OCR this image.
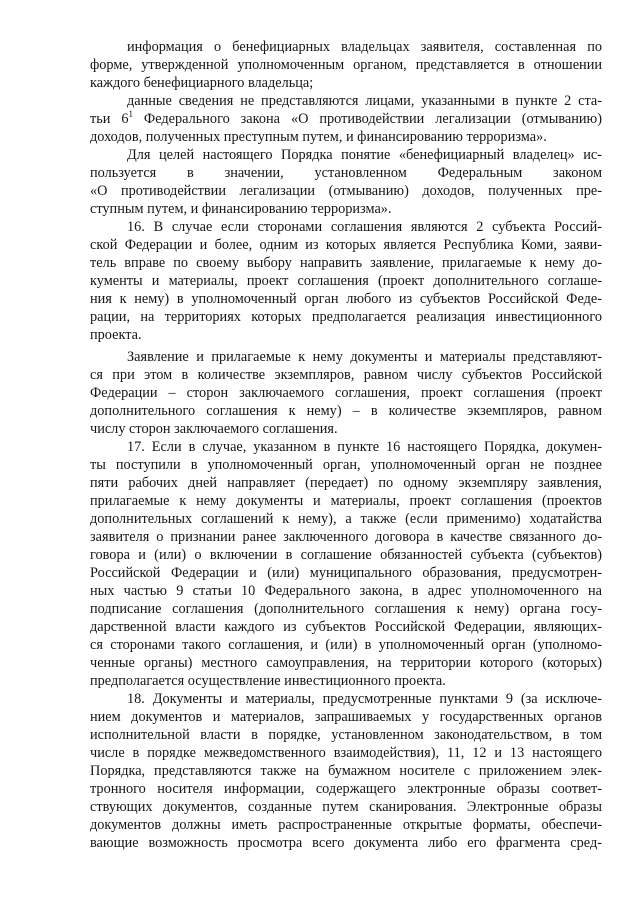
информация о бенефициарных владельцах заявителя, составленная по
форме, утвержденной уполномоченным органом, представляется в отношении
каждого бенефициарного владельца;
данные сведения не представляются лицами, указанными в пункте 2 ста-
тьи $6^1$ Федерального закона «О противодействии легализации (отмыванию)
доходов, полученных преступным путем, и финансированию терроризма».
Для целей настоящего Порядка понятие «бенефициарный владелец» ис-
пользуется в значении, установленном Федеральным законом
«О противодействии легализации (отмыванию) доходов, полученных пре-
ступным путем, и финансированию терроризма».
16. В случае если сторонами соглашения являются 2 субъекта Россий-
ской Федерации и более, одним из которых является Республика Коми, заяви-
тель вправе по своему выбору направить заявление, прилагаемые к нему до-
кументы и материалы, проект соглашения (проект дополнительного соглаше-
ния к нему) в уполномоченный орган любого из субъектов Российской Феде-
рации, на территориях которых предполагается реализация инвестиционного
проекта.
Заявление и прилагаемые к нему документы и материалы представляют-
ся при этом в количестве экземпляров, равном числу субъектов Российской
Федерации – сторон заключаемого соглашения, проект соглашения (проект
дополнительного соглашения к нему) – в количестве экземпляров, равном
числу сторон заключаемого соглашения.
17. Если в случае, указанном в пункте 16 настоящего Порядка, докумен-
ты поступили в уполномоченный орган, уполномоченный орган не позднее
пяти рабочих дней направляет (передает) по одному экземпляру заявления,
прилагаемые к нему документы и материалы, проект соглашения (проектов
дополнительных соглашений к нему), а также (если применимо) ходатайства
заявителя о признании ранее заключенного договора в качестве связанного до-
говора и (или) о включении в соглашение обязанностей субъекта (субъектов)
Российской Федерации и (или) муниципального образования, предусмотрен-
ных частью 9 статьи 10 Федерального закона, в адрес уполномоченного на
подписание соглашения (дополнительного соглашения к нему) органа госу-
дарственной власти каждого из субъектов Российской Федерации, являющих-
ся сторонами такого соглашения, и (или) в уполномоченный орган (уполномо-
ченные органы) местного самоуправления, на территории которого (которых)
предполагается осуществление инвестиционного проекта.
18. Документы и материалы, предусмотренные пунктами 9 (за исключе-
нием документов и материалов, запрашиваемых у государственных органов
исполнительной власти в порядке, установленном законодательством, в том
числе в порядке межведомственного взаимодействия), 11, 12 и 13 настоящего
Порядка, представляются также на бумажном носителе с приложением элек-
тронного носителя информации, содержащего электронные образы соответ-
ствующих документов, созданные путем сканирования. Электронные образы
документов должны иметь распространенные открытые форматы, обеспечи-
вающие возможность просмотра всего документа либо его фрагмента сред-
